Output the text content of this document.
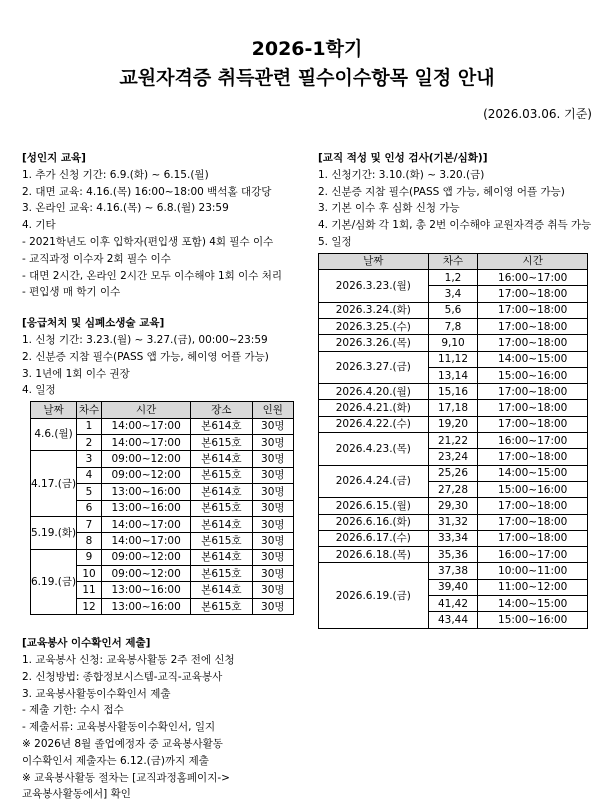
2026-1학기
교원자격증 취득관련 필수이수항목 일정 안내
(2026.03.06. 기준)
[성인지 교육]
1. 추가 신청 기간: 6.9.(화) ~ 6.15.(월)
2. 대면 교육: 4.16.(목) 16:00~18:00 백석홀 대강당
3. 온라인 교육: 4.16.(목) ~ 6.8.(월) 23:59
4. 기타
- 2021학년도 이후 입학자(편입생 포함) 4회 필수 이수
- 교직과정 이수자 2회 필수 이수
- 대면 2시간, 온라인 2시간 모두 이수해야 1회 이수 처리
- 편입생 매 학기 이수
[응급처치 및 심폐소생술 교육]
1. 신청 기간: 3.23.(월) ~ 3.27.(금), 00:00~23:59
2. 신분증 지참 필수(PASS 앱 가능, 헤이영 어플 가능)
3. 1년에 1회 이수 권장
4. 일정
날짜	차수	시간	장소	인원
4.6.(월)	1	14:00~17:00	본614호	30명
	2	14:00~17:00	본615호	30명
4.17.(금)	3	09:00~12:00	본614호	30명
	4	09:00~12:00	본615호	30명
	5	13:00~16:00	본614호	30명
	6	13:00~16:00	본615호	30명
5.19.(화)	7	14:00~17:00	본614호	30명
	8	14:00~17:00	본615호	30명
6.19.(금)	9	09:00~12:00	본614호	30명
	10	09:00~12:00	본615호	30명
	11	13:00~16:00	본614호	30명
	12	13:00~16:00	본615호	30명
[교육봉사 이수확인서 제출]
1. 교육봉사 신청: 교육봉사활동 2주 전에 신청
2. 신청방법: 종합정보시스템-교직-교육봉사
3. 교육봉사활동이수확인서 제출
- 제출 기한: 수시 접수
- 제출서류: 교육봉사활동이수확인서, 일지
※ 2026년 8월 졸업예정자 중 교육봉사활동
이수확인서 제출자는 6.12.(금)까지 제출
※ 교육봉사활동 절차는 [교직과정홈페이지->
교육봉사활동에서] 확인
[교직 적성 및 인성 검사(기본/심화)]
1. 신청기간: 3.10.(화) ~ 3.20.(금)
2. 신분증 지참 필수(PASS 앱 가능, 헤이영 어플 가능)
3. 기본 이수 후 심화 신청 가능
4. 기본/심화 각 1회, 총 2번 이수해야 교원자격증 취득 가능
5. 일정
날짜	차수	시간
2026.3.23.(월)	1,2	16:00~17:00
	3,4	17:00~18:00
2026.3.24.(화)	5,6	17:00~18:00
2026.3.25.(수)	7,8	17:00~18:00
2026.3.26.(목)	9,10	17:00~18:00
2026.3.27.(금)	11,12	14:00~15:00
	13,14	15:00~16:00
2026.4.20.(월)	15,16	17:00~18:00
2026.4.21.(화)	17,18	17:00~18:00
2026.4.22.(수)	19,20	17:00~18:00
2026.4.23.(목)	21,22	16:00~17:00
	23,24	17:00~18:00
2026.4.24.(금)	25,26	14:00~15:00
	27,28	15:00~16:00
2026.6.15.(월)	29,30	17:00~18:00
2026.6.16.(화)	31,32	17:00~18:00
2026.6.17.(수)	33,34	17:00~18:00
2026.6.18.(목)	35,36	16:00~17:00
2026.6.19.(금)	37,38	10:00~11:00
	39,40	11:00~12:00
	41,42	14:00~15:00
	43,44	15:00~16:00
